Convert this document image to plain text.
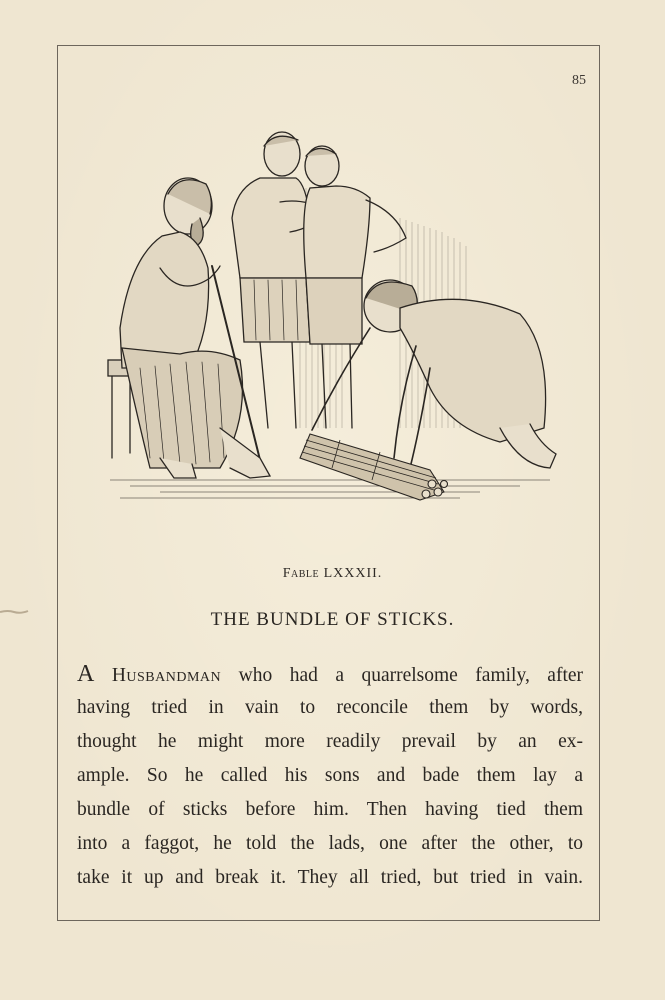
85
Fable LXXXII.
THE BUNDLE OF STICKS.
A Husbandman who had a quarrelsome family, after
having tried in vain to reconcile them by words,
thought he might more readily prevail by an ex-
ample. So he called his sons and bade them lay a
bundle of sticks before him. Then having tied them
into a faggot, he told the lads, one after the other, to
take it up and break it. They all tried, but tried in vain.
